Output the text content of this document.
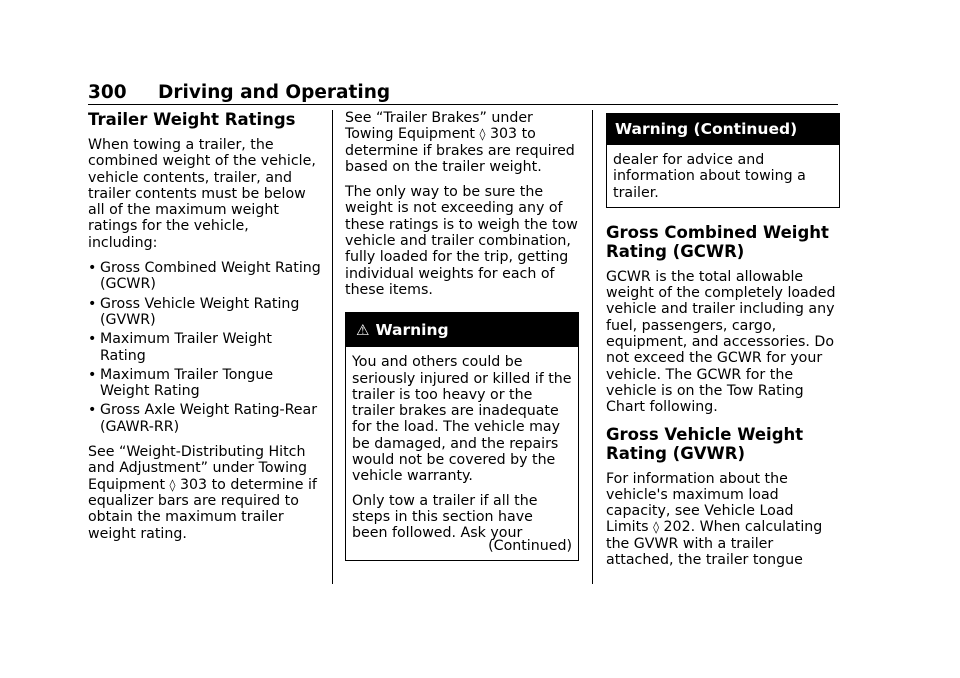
300 Driving and Operating
Trailer Weight Ratings

When towing a trailer, the combined weight of the vehicle, vehicle contents, trailer, and trailer contents must be below all of the maximum weight ratings for the vehicle, including:

• Gross Combined Weight Rating (GCWR)
• Gross Vehicle Weight Rating (GVWR)
• Maximum Trailer Weight Rating
• Maximum Trailer Tongue Weight Rating
• Gross Axle Weight Rating-Rear (GAWR-RR)

See “Weight-Distributing Hitch and Adjustment” under Towing Equipment ◊ 303 to determine if equalizer bars are required to obtain the maximum trailer weight rating.

See “Trailer Brakes” under Towing Equipment ◊ 303 to determine if brakes are required based on the trailer weight.

The only way to be sure the weight is not exceeding any of these ratings is to weigh the tow vehicle and trailer combination, fully loaded for the trip, getting individual weights for each of these items.

⚠ Warning

You and others could be seriously injured or killed if the trailer is too heavy or the trailer brakes are inadequate for the load. The vehicle may be damaged, and the repairs would not be covered by the vehicle warranty.

Only tow a trailer if all the steps in this section have been followed. Ask your

(Continued)
Warning (Continued)

dealer for advice and information about towing a trailer.

Gross Combined Weight Rating (GCWR)

GCWR is the total allowable weight of the completely loaded vehicle and trailer including any fuel, passengers, cargo, equipment, and accessories. Do not exceed the GCWR for your vehicle. The GCWR for the vehicle is on the Tow Rating Chart following.

Gross Vehicle Weight Rating (GVWR)

For information about the vehicle's maximum load capacity, see Vehicle Load Limits ◊ 202. When calculating the GVWR with a trailer attached, the trailer tongue
